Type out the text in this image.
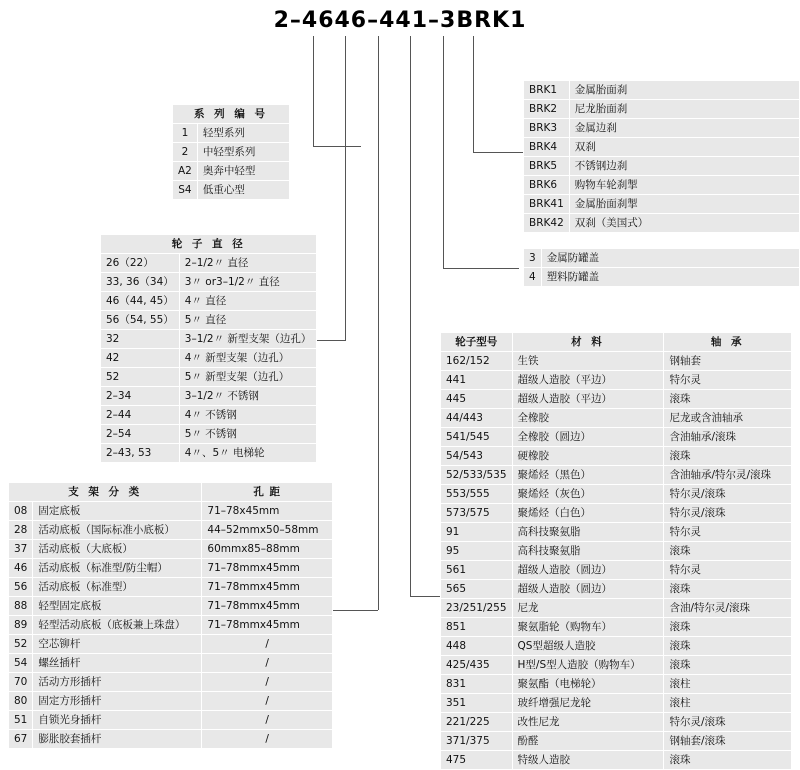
2–4646–441–3BRK1
系 列 编 号	
1	轻型系列
2	中轻型系列
A2	奥奔中轻型
S4	低重心型
BRK1	金属胎面刹
BRK2	尼龙胎面刹
BRK3	金属边刹
BRK4	双刹
BRK5	不锈钢边刹
BRK6	购物车轮刹掣
BRK41	金属胎面刹掣
BRK42	双刹（美国式）
3	金属防罐盖
4	塑料防罐盖
轮 子 直 径	
26（22）	2–1/2〃 直径
33, 36（34）	3〃 or3–1/2〃 直径
46（44, 45）	4〃 直径
56（54, 55）	5〃 直径
32	3–1/2〃 新型支架（边孔）
42	4〃 新型支架（边孔）
52	5〃 新型支架（边孔）
2–34	3–1/2〃 不锈钢
2–44	4〃 不锈钢
2–54	5〃 不锈钢
2–43, 53	4〃、5〃 电梯轮
支 架 分 类		孔 距
08	固定底板	71–78x45mm
28	活动底板（国际标准小底板）	44–52mmx50–58mm
37	活动底板（大底板）	60mmx85–88mm
46	活动底板（标准型/防尘帽）	71–78mmx45mm
56	活动底板（标准型）	71–78mmx45mm
88	轻型固定底板	71–78mmx45mm
89	轻型活动底板（底板兼上珠盘）	71–78mmx45mm
52	空芯铆杆	/
54	螺丝插杆	/
70	活动方形插杆	/
80	固定方形插杆	/
51	自锁光身插杆	/
67	膨胀胶套插杆	/
轮子型号	材 料	轴 承
162/152	生铁	钢轴套
441	超级人造胶（平边）	特尔灵
445	超级人造胶（平边）	滚珠
44/443	全橡胶	尼龙或含油轴承
541/545	全橡胶（圆边）	含油轴承/滚珠
54/543	硬橡胶	滚珠
52/533/535	聚烯烃（黑色）	含油轴承/特尔灵/滚珠
553/555	聚烯烃（灰色）	特尔灵/滚珠
573/575	聚烯烃（白色）	特尔灵/滚珠
91	高科技聚氨脂	特尔灵
95	高科技聚氨脂	滚珠
561	超级人造胶（圆边）	特尔灵
565	超级人造胶（圆边）	滚珠
23/251/255	尼龙	含油/特尔灵/滚珠
851	聚氨脂轮（购物车）	滚珠
448	QS型超级人造胶	滚珠
425/435	H型/S型人造胶（购物车）	滚珠
831	聚氨酯（电梯轮）	滚柱
351	玻纤增强尼龙轮	滚柱
221/225	改性尼龙	特尔灵/滚珠
371/375	酚醛	钢轴套/滚珠
475	特级人造胶	滚珠
